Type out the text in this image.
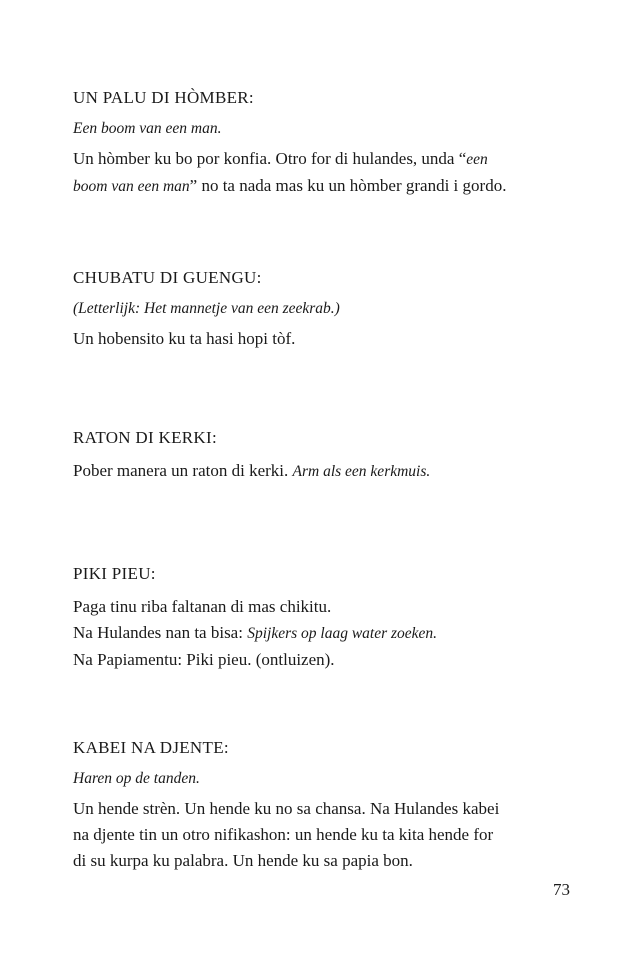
UN PALU DI HÒMBER:

Een boom van een man.

Un hòmber ku bo por konfia. Otro for di hulandes, unda “een
boom van een man” no ta nada mas ku un hòmber grandi i gordo.

CHUBATU DI GUENGU:

(Letterlijk: Het mannetje van een zeekrab.)

Un hobensito ku ta hasi hopi tòf.

RATON DI KERKI:

Pober manera un raton di kerki. Arm als een kerkmuis.

PIKI PIEU:

Paga tinu riba faltanan di mas chikitu.
Na Hulandes nan ta bisa: Spijkers op laag water zoeken.
Na Papiamentu: Piki pieu. (ontluizen).

KABEI NA DJENTE:

Haren op de tanden.

Un hende strèn. Un hende ku no sa chansa. Na Hulandes kabei
na djente tin un otro nifikashon: un hende ku ta kita hende for
di su kurpa ku palabra. Un hende ku sa papia bon.

73
